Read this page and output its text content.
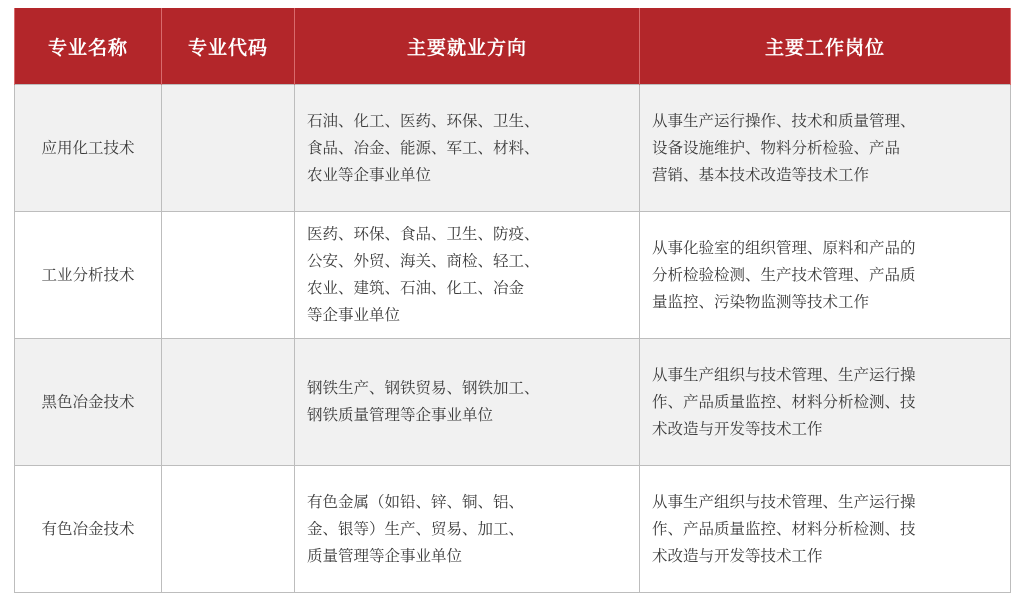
专业名称	专业代码	主要就业方向	主要工作岗位
应用化工技术		石油、化工、医药、环保、卫生、
食品、冶金、能源、军工、材料、
农业等企事业单位	从事生产运行操作、技术和质量管理、
设备设施维护、物料分析检验、产品
营销、基本技术改造等技术工作

工业分析技术		医药、环保、食品、卫生、防疫、
公安、外贸、海关、商检、轻工、
农业、建筑、石油、化工、冶金
等企事业单位	从事化验室的组织管理、原料和产品的
分析检验检测、生产技术管理、产品质
量监控、污染物监测等技术工作

黑色冶金技术		钢铁生产、钢铁贸易、钢铁加工、
钢铁质量管理等企事业单位	从事生产组织与技术管理、生产运行操
作、产品质量监控、材料分析检测、技
术改造与开发等技术工作

有色冶金技术		有色金属（如铅、锌、铜、铝、
金、银等）生产、贸易、加工、
质量管理等企事业单位	从事生产组织与技术管理、生产运行操
作、产品质量监控、材料分析检测、技
术改造与开发等技术工作
